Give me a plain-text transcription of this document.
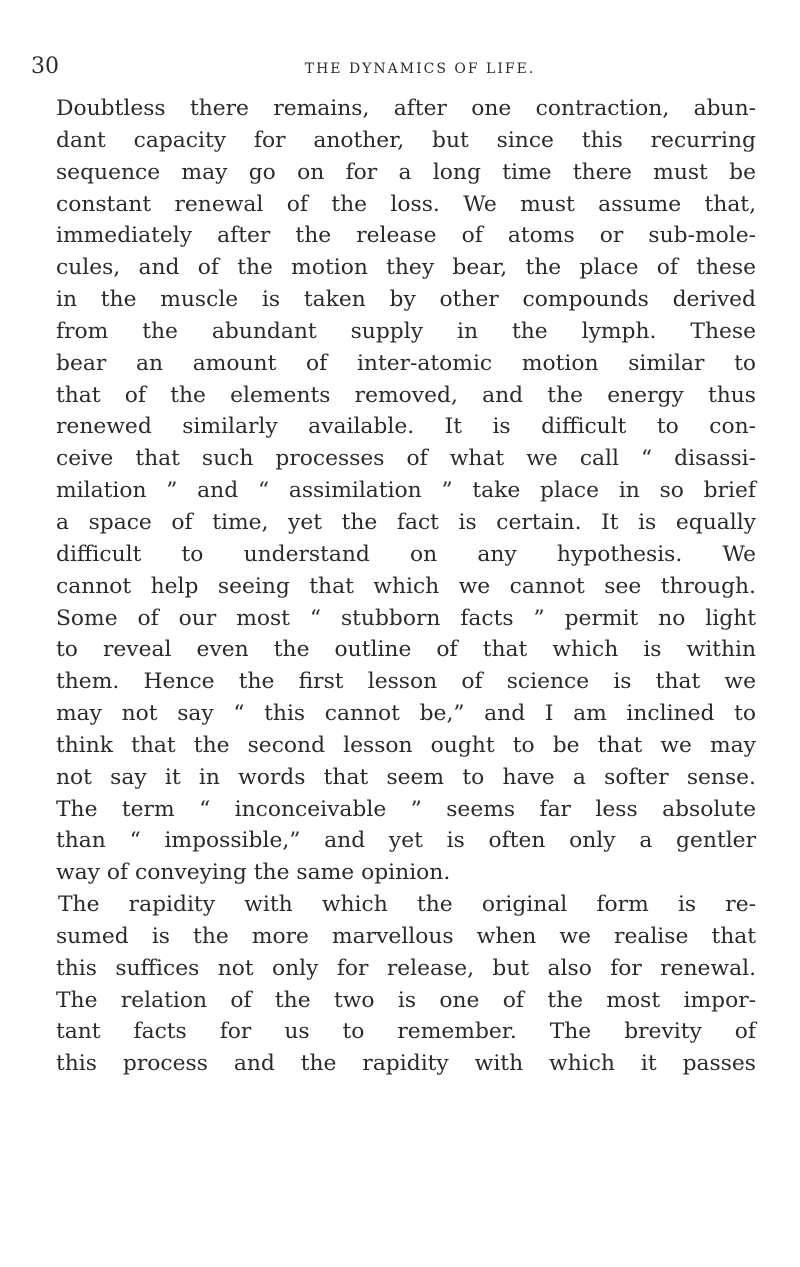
30	THE DYNAMICS OF LIFE.
Doubtless there remains, after one contraction, abun-
dant capacity for another, but since this recurring
sequence may go on for a long time there must be
constant renewal of the loss. We must assume that,
immediately after the release of atoms or sub-mole-
cules, and of the motion they bear, the place of these
in the muscle is taken by other compounds derived
from the abundant supply in the lymph. These
bear an amount of inter-atomic motion similar to
that of the elements removed, and the energy thus
renewed similarly available. It is difficult to con-
ceive that such processes of what we call “ disassi-
milation ” and “ assimilation ” take place in so brief
a space of time, yet the fact is certain. It is equally
difficult to understand on any hypothesis. We
cannot help seeing that which we cannot see through.
Some of our most “ stubborn facts ” permit no light
to reveal even the outline of that which is within
them. Hence the first lesson of science is that we
may not say “ this cannot be,” and I am inclined to
think that the second lesson ought to be that we may
not say it in words that seem to have a softer sense.
The term “ inconceivable ” seems far less absolute
than “ impossible,” and yet is often only a gentler
way of conveying the same opinion.
The rapidity with which the original form is re-
sumed is the more marvellous when we realise that
this suffices not only for release, but also for renewal.
The relation of the two is one of the most impor-
tant facts for us to remember. The brevity of
this process and the rapidity with which it passes
